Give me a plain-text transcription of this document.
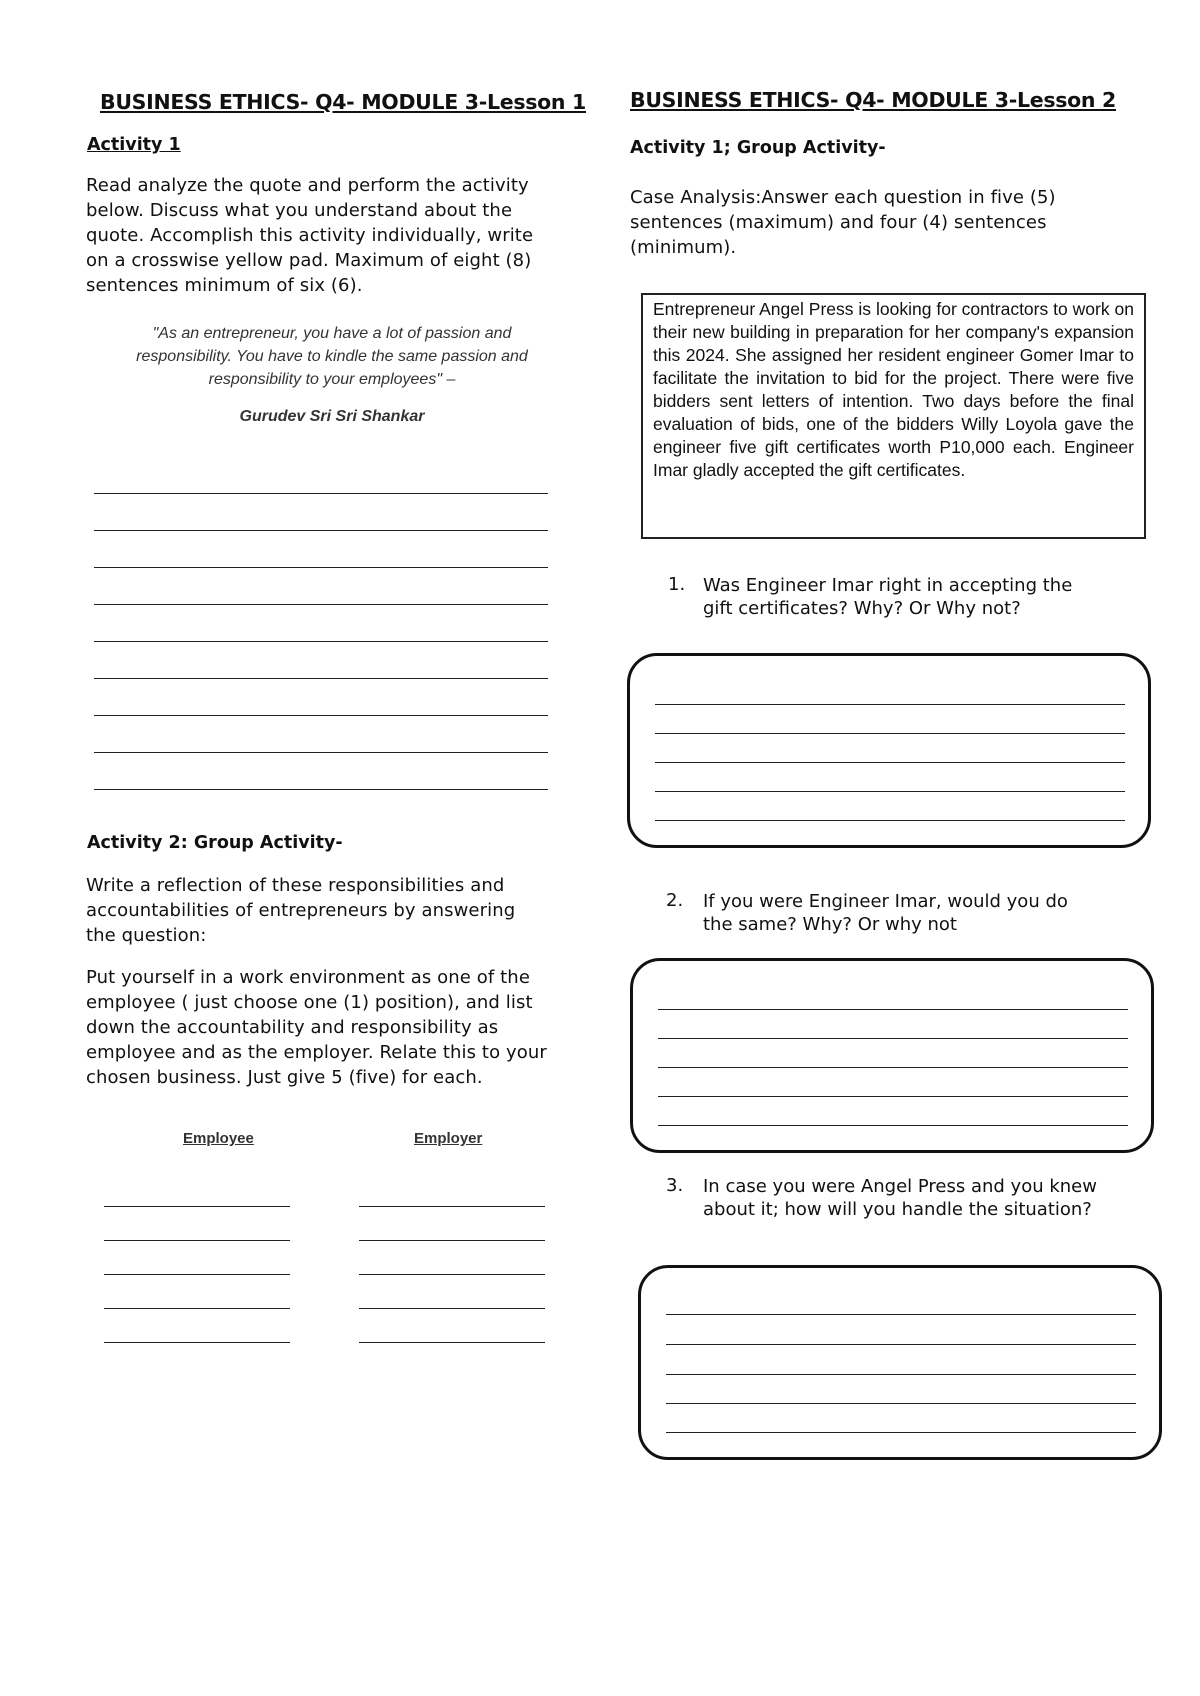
BUSINESS ETHICS- Q4- MODULE 3-Lesson 1
Activity 1
Read analyze the quote and perform the activity below. Discuss what you understand about the quote. Accomplish this activity individually, write on a crosswise yellow pad. Maximum of eight (8) sentences minimum of six (6).
"As an entrepreneur, you have a lot of passion and responsibility. You have to kindle the same passion and responsibility to your employees" –
Gurudev Sri Sri Shankar
Activity 2: Group Activity-
Write a reflection of these responsibilities and accountabilities of entrepreneurs by answering the question:
Put yourself in a work environment as one of the employee ( just choose one (1) position), and list down the accountability and responsibility as employee and as the employer. Relate this to your chosen business. Just give 5 (five) for each.
Employee	Employer
BUSINESS ETHICS- Q4- MODULE 3-Lesson 2
Activity 1; Group Activity-
Case Analysis:Answer each question in five (5) sentences (maximum) and four (4) sentences (minimum).
Entrepreneur Angel Press is looking for contractors to work on their new building in preparation for her company's expansion this 2024. She assigned her resident engineer Gomer Imar to facilitate the invitation to bid for the project. There were five bidders sent letters of intention. Two days before the final evaluation of bids, one of the bidders Willy Loyola gave the engineer five gift certificates worth P10,000 each. Engineer Imar gladly accepted the gift certificates.
1. Was Engineer Imar right in accepting the gift certificates? Why? Or Why not?
2. If you were Engineer Imar, would you do the same? Why? Or why not
3. In case you were Angel Press and you knew about it; how will you handle the situation?
